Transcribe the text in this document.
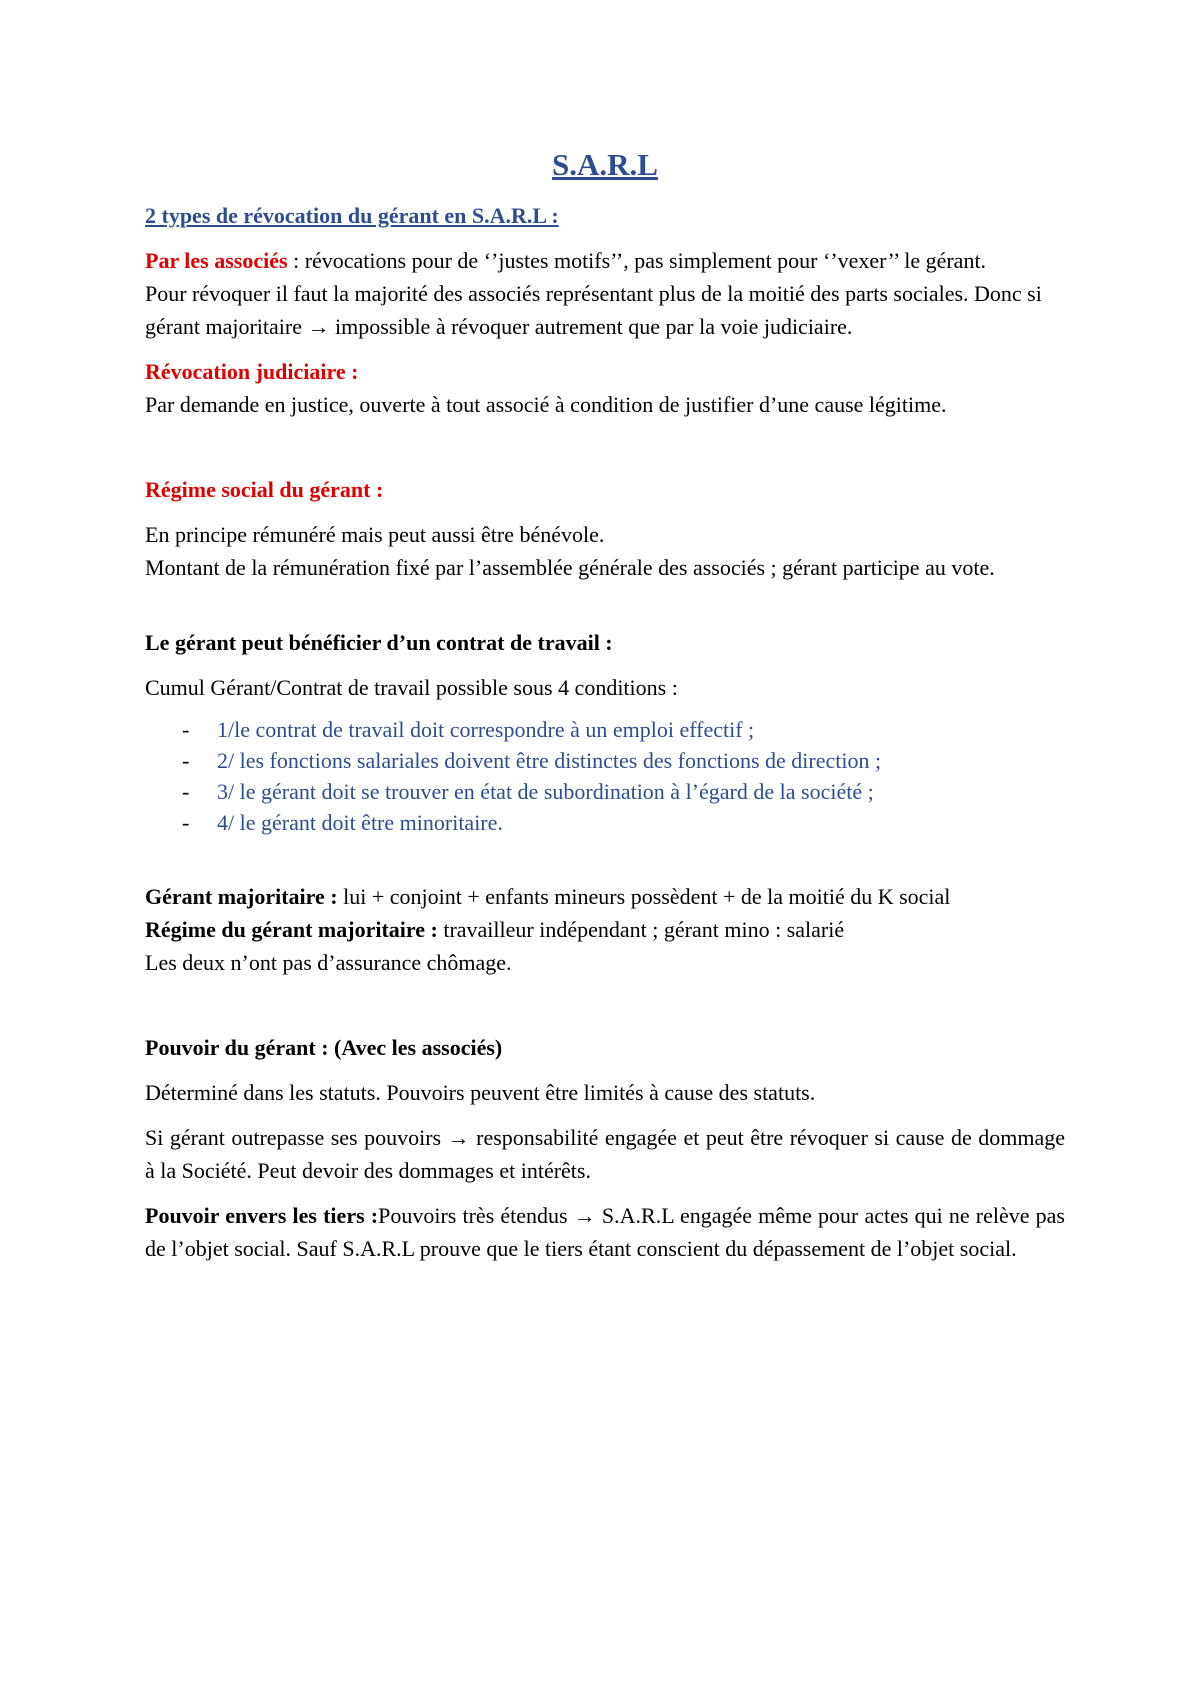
S.A.R.L

2 types de révocation du gérant en S.A.R.L :

Par les associés : révocations pour de ‘’justes motifs’’, pas simplement pour ‘’vexer’’ le gérant.

Pour révoquer il faut la majorité des associés représentant plus de la moitié des parts sociales. Donc si gérant majoritaire → impossible à révoquer autrement que par la voie judiciaire.

Révocation judiciaire :

Par demande en justice, ouverte à tout associé à condition de justifier d’une cause légitime.

Régime social du gérant :

En principe rémunéré mais peut aussi être bénévole.

Montant de la rémunération fixé par l’assemblée générale des associés ; gérant participe au vote.

Le gérant peut bénéficier d’un contrat de travail :

Cumul Gérant/Contrat de travail possible sous 4 conditions :

- 1/le contrat de travail doit correspondre à un emploi effectif ;
- 2/ les fonctions salariales doivent être distinctes des fonctions de direction ;
- 3/ le gérant doit se trouver en état de subordination à l’égard de la société ;
- 4/ le gérant doit être minoritaire.

Gérant majoritaire : lui + conjoint + enfants mineurs possèdent + de la moitié du K social

Régime du gérant majoritaire : travailleur indépendant ; gérant mino : salarié

Les deux n’ont pas d’assurance chômage.

Pouvoir du gérant : (Avec les associés)

Déterminé dans les statuts. Pouvoirs peuvent être limités à cause des statuts.

Si gérant outrepasse ses pouvoirs → responsabilité engagée et peut être révoquer si cause de dommage à la Société. Peut devoir des dommages et intérêts.

Pouvoir envers les tiers :Pouvoirs très étendus → S.A.R.L engagée même pour actes qui ne relève pas de l’objet social. Sauf S.A.R.L prouve que le tiers étant conscient du dépassement de l’objet social.
